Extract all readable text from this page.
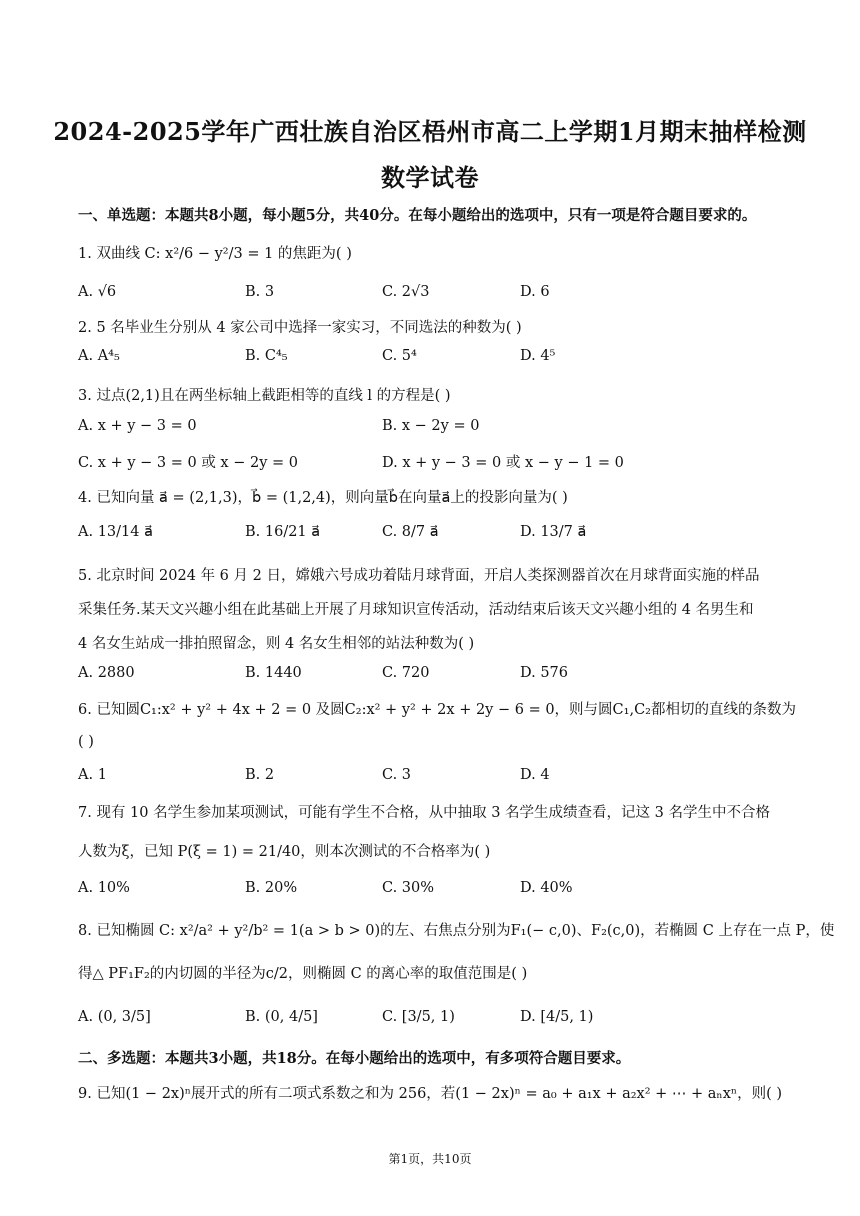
2024-2025学年广西壮族自治区梧州市高二上学期1月期末抽样检测
数学试卷
一、单选题：本题共8小题，每小题5分，共40分。在每小题给出的选项中，只有一项是符合题目要求的。
1. 双曲线 C: x²/6 − y²/3 = 1 的焦距为( )
A. √6	B. 3	C. 2√3	D. 6
2. 5 名毕业生分别从 4 家公司中选择一家实习，不同选法的种数为( )
A. A⁴₅	B. C⁴₅	C. 5⁴	D. 4⁵
3. 过点(2,1)且在两坐标轴上截距相等的直线 l 的方程是( )
A. x + y − 3 = 0	B. x − 2y = 0
C. x + y − 3 = 0 或 x − 2y = 0	D. x + y − 3 = 0 或 x − y − 1 = 0
4. 已知向量 a⃗ = (2,1,3)，b⃗ = (1,2,4)，则向量b⃗在向量a⃗上的投影向量为( )
A. 13/14 a⃗	B. 16/21 a⃗	C. 8/7 a⃗	D. 13/7 a⃗
5. 北京时间 2024 年 6 月 2 日，嫦娥六号成功着陆月球背面，开启人类探测器首次在月球背面实施的样品
采集任务.某天文兴趣小组在此基础上开展了月球知识宣传活动，活动结束后该天文兴趣小组的 4 名男生和
4 名女生站成一排拍照留念，则 4 名女生相邻的站法种数为( )
A. 2880	B. 1440	C. 720	D. 576
6. 已知圆C₁:x² + y² + 4x + 2 = 0 及圆C₂:x² + y² + 2x + 2y − 6 = 0，则与圆C₁,C₂都相切的直线的条数为
( )
A. 1	B. 2	C. 3	D. 4
7. 现有 10 名学生参加某项测试，可能有学生不合格，从中抽取 3 名学生成绩查看，记这 3 名学生中不合格
人数为ξ，已知 P(ξ = 1) = 21/40，则本次测试的不合格率为( )
A. 10%	B. 20%	C. 30%	D. 40%
8. 已知椭圆 C: x²/a² + y²/b² = 1(a > b > 0)的左、右焦点分别为F₁(− c,0)、F₂(c,0)，若椭圆 C 上存在一点 P，使
得△ PF₁F₂的内切圆的半径为c/2，则椭圆 C 的离心率的取值范围是( )
A. (0, 3/5]	B. (0, 4/5]	C. [3/5, 1)	D. [4/5, 1)
二、多选题：本题共3小题，共18分。在每小题给出的选项中，有多项符合题目要求。
9. 已知(1 − 2x)ⁿ展开式的所有二项式系数之和为 256，若(1 − 2x)ⁿ = a₀ + a₁x + a₂x² + ⋯ + aₙxⁿ，则( )
第1页，共10页
